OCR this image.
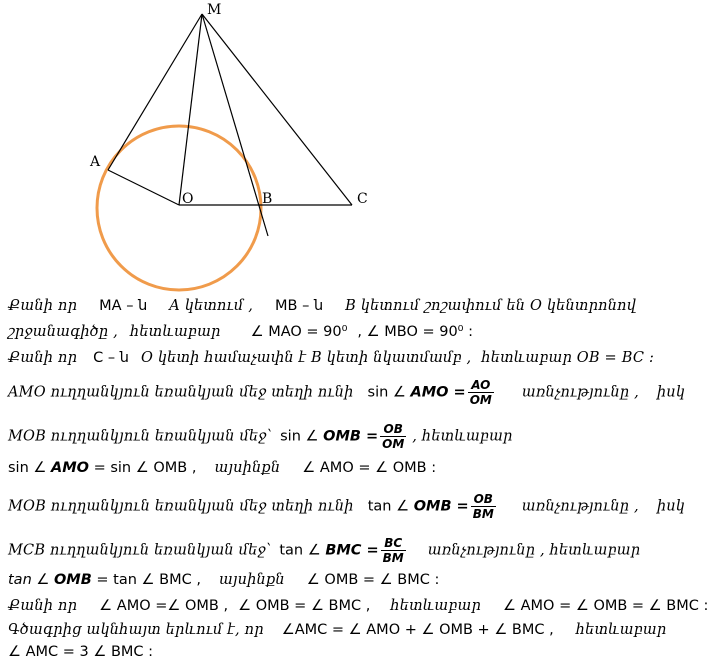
M
A
O	B	C
Քանի որ MA – ն A կետում , MB – ն B կետում շոշափում են O կենտրոնով
շրջանագիծը , հետևաբար ∠ MAO = 90⁰ , ∠ MBO = 90⁰ :
Քանի որ C – ն O կետի համաչափն է B կետի նկատմամբ , հետևաբար OB = BC :
AMO ուղղանկյուն եռանկյան մեջ տեղի ունի sin ∠ AMO = $\frac{AO}{OM}$ առնչությունը , իսկ
MOB ուղղանկյուն եռանկյան մեջ՝ sin ∠ OMB = $\frac{OB}{OM}$ , հետևաբար
sin ∠ AMO = sin ∠ OMB , այսինքն ∠ AMO = ∠ OMB :
MOB ուղղանկյուն եռանկյան մեջ տեղի ունի tan ∠ OMB = $\frac{OB}{BM}$ առնչությունը , իսկ
MCB ուղղանկյուն եռանկյան մեջ՝ tan ∠ BMC = $\frac{BC}{BM}$ առնչությունը , հետևաբար
tan ∠ OMB = tan ∠ BMC , այսինքն ∠ OMB = ∠ BMC :
Քանի որ ∠ AMO =∠ OMB , ∠ OMB = ∠ BMC , հետևաբար ∠ AMO = ∠ OMB = ∠ BMC :
Գծագրից ակնհայտ երևում է, որ ∠AMC = ∠ AMO + ∠ OMB + ∠ BMC , հետևաբար
∠ AMC = 3 ∠ BMC :
